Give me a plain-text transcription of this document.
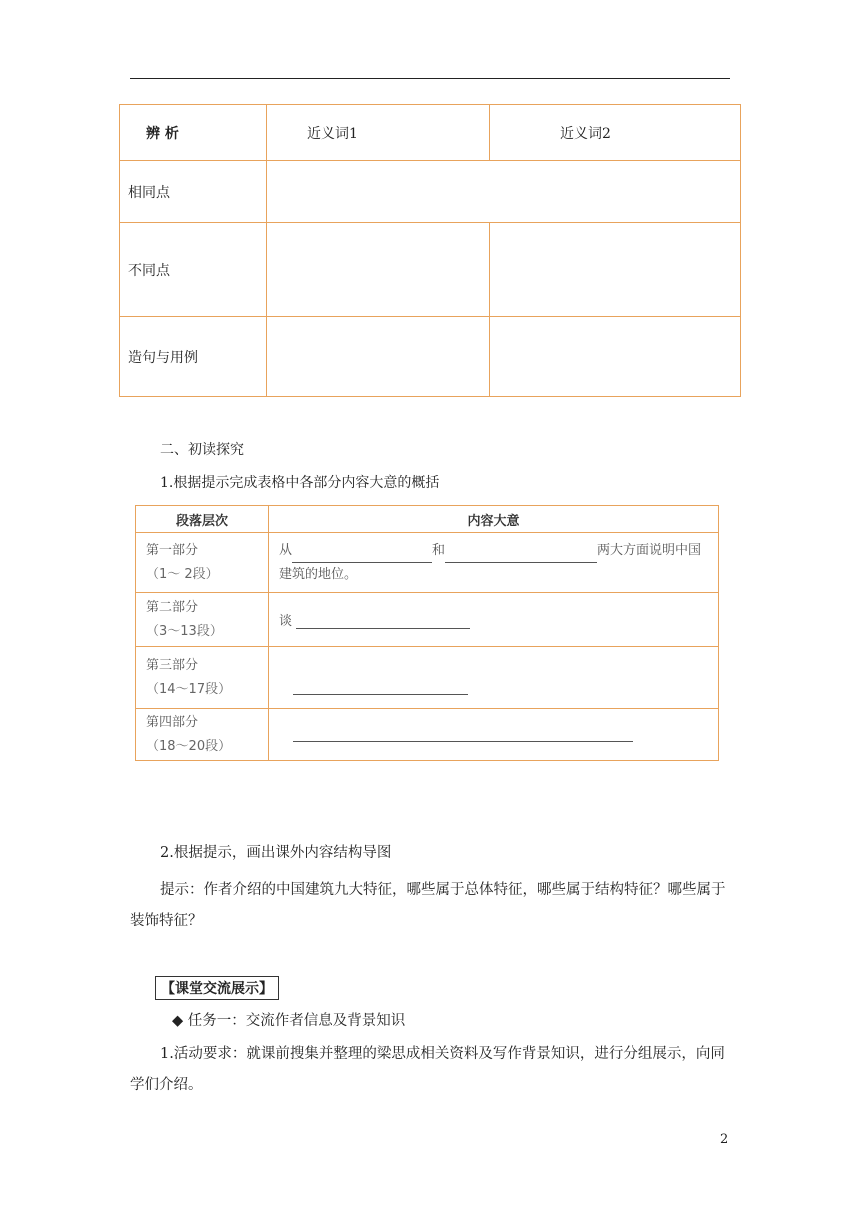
辨 析	近义词1	近义词2
相同点		
不同点		
造句与用例		
二、初读探究
1.根据提示完成表格中各部分内容大意的概括
段落层次	内容大意

第一部分
（1～ 2段）	从 和 两大方面说明中国
建筑的地位。

第二部分
（3～13段）	谈

第三部分
（14～17段）	

第四部分
（18～20段）	

2.根据提示，画出课外内容结构导图
提示：作者介绍的中国建筑九大特征，哪些属于总体特征，哪些属于结构特征？哪些属于装饰特征？
【课堂交流展示】
◆ 任务一：交流作者信息及背景知识
1.活动要求：就课前搜集并整理的梁思成相关资料及写作背景知识，进行分组展示，向同学们介绍。
2
